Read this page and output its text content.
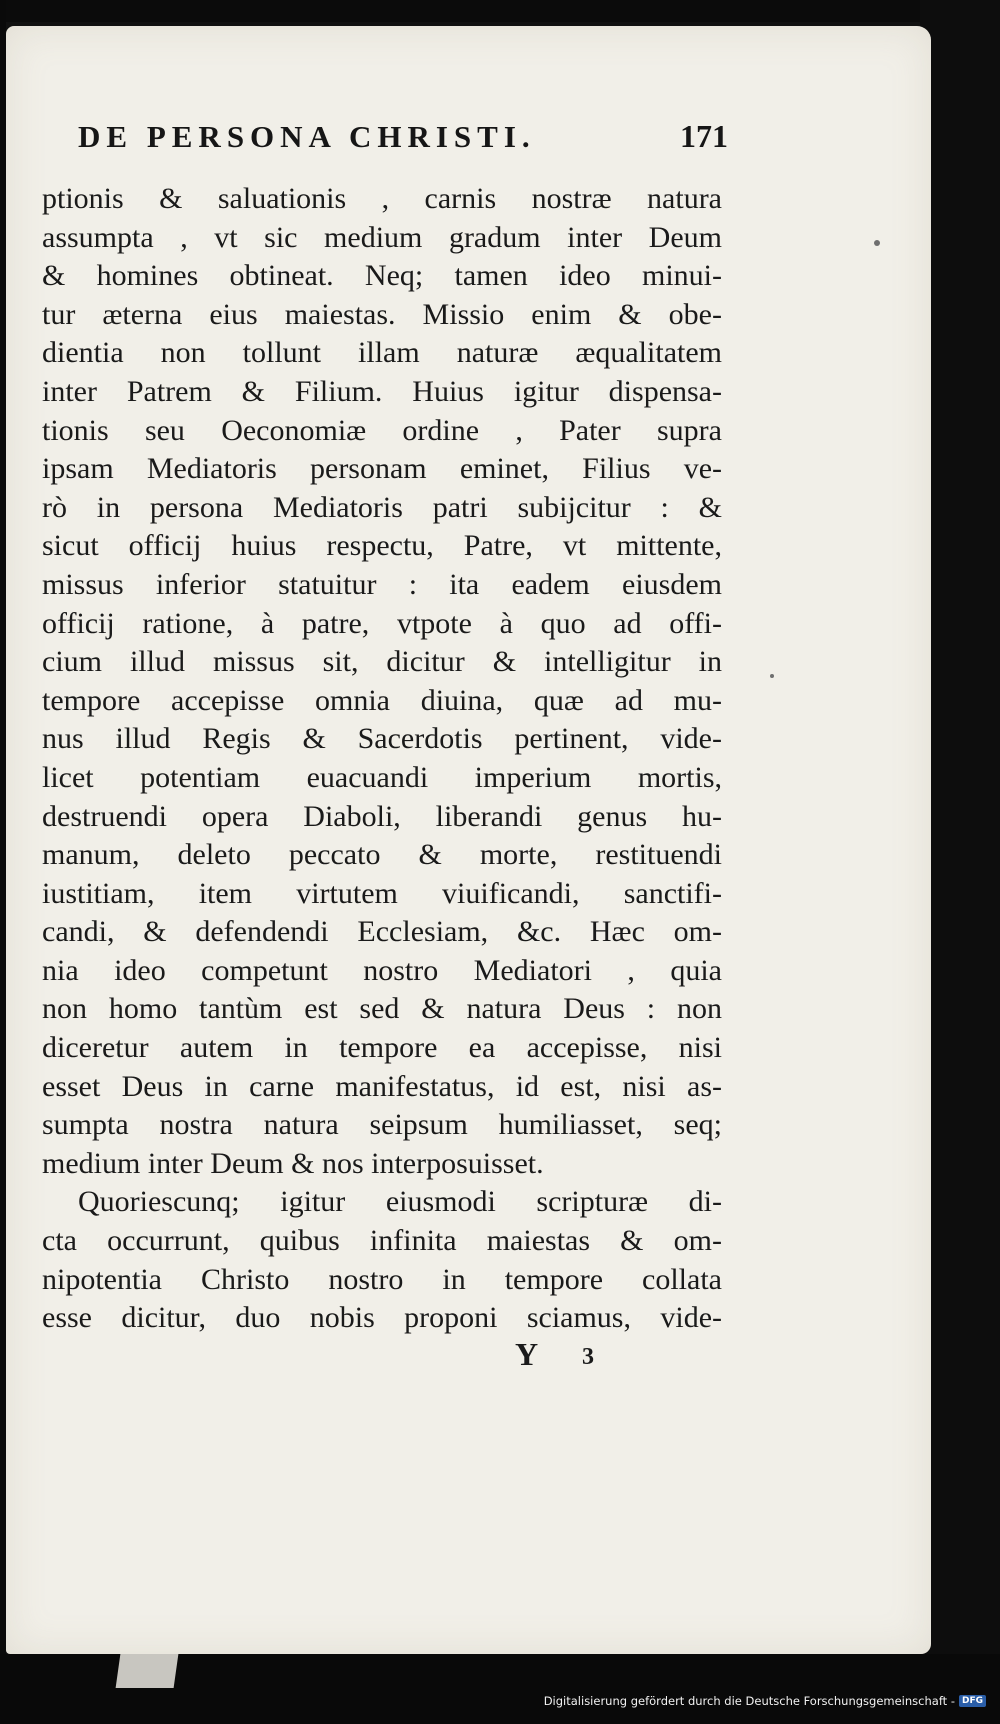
DE PERSONA CHRISTI.	171
ptionis & saluationis , carnis nostræ natura
assumpta , vt sic medium gradum inter Deum
& homines obtineat. Neq; tamen ideo minui-
tur æterna eius maiestas. Missio enim & obe-
dientia non tollunt illam naturæ æqualitatem
inter Patrem & Filium. Huius igitur dispensa-
tionis seu Oeconomiæ ordine , Pater supra
ipsam Mediatoris personam eminet, Filius ve-
rò in persona Mediatoris patri subijcitur : &
sicut officij huius respectu, Patre, vt mittente,
missus inferior statuitur : ita eadem eiusdem
officij ratione, à patre, vtpote à quo ad offi-
cium illud missus sit, dicitur & intelligitur in
tempore accepisse omnia diuina, quæ ad mu-
nus illud Regis & Sacerdotis pertinent, vide-
licet potentiam euacuandi imperium mortis,
destruendi opera Diaboli, liberandi genus hu-
manum, deleto peccato & morte, restituendi
iustitiam, item virtutem viuificandi, sanctifi-
candi, & defendendi Ecclesiam, &c. Hæc om-
nia ideo competunt nostro Mediatori , quia
non homo tantùm est sed & natura Deus : non
diceretur autem in tempore ea accepisse, nisi
esset Deus in carne manifestatus, id est, nisi as-
sumpta nostra natura seipsum humiliasset, seq;
medium inter Deum & nos interposuisset.
Quoriescunq; igitur eiusmodi scripturæ di-
cta occurrunt, quibus infinita maiestas & om-
nipotentia Christo nostro in tempore collata
esse dicitur, duo nobis proponi sciamus, vide-
Y 3
Digitalisierung gefördert durch die Deutsche Forschungsgemeinschaft - DFG
